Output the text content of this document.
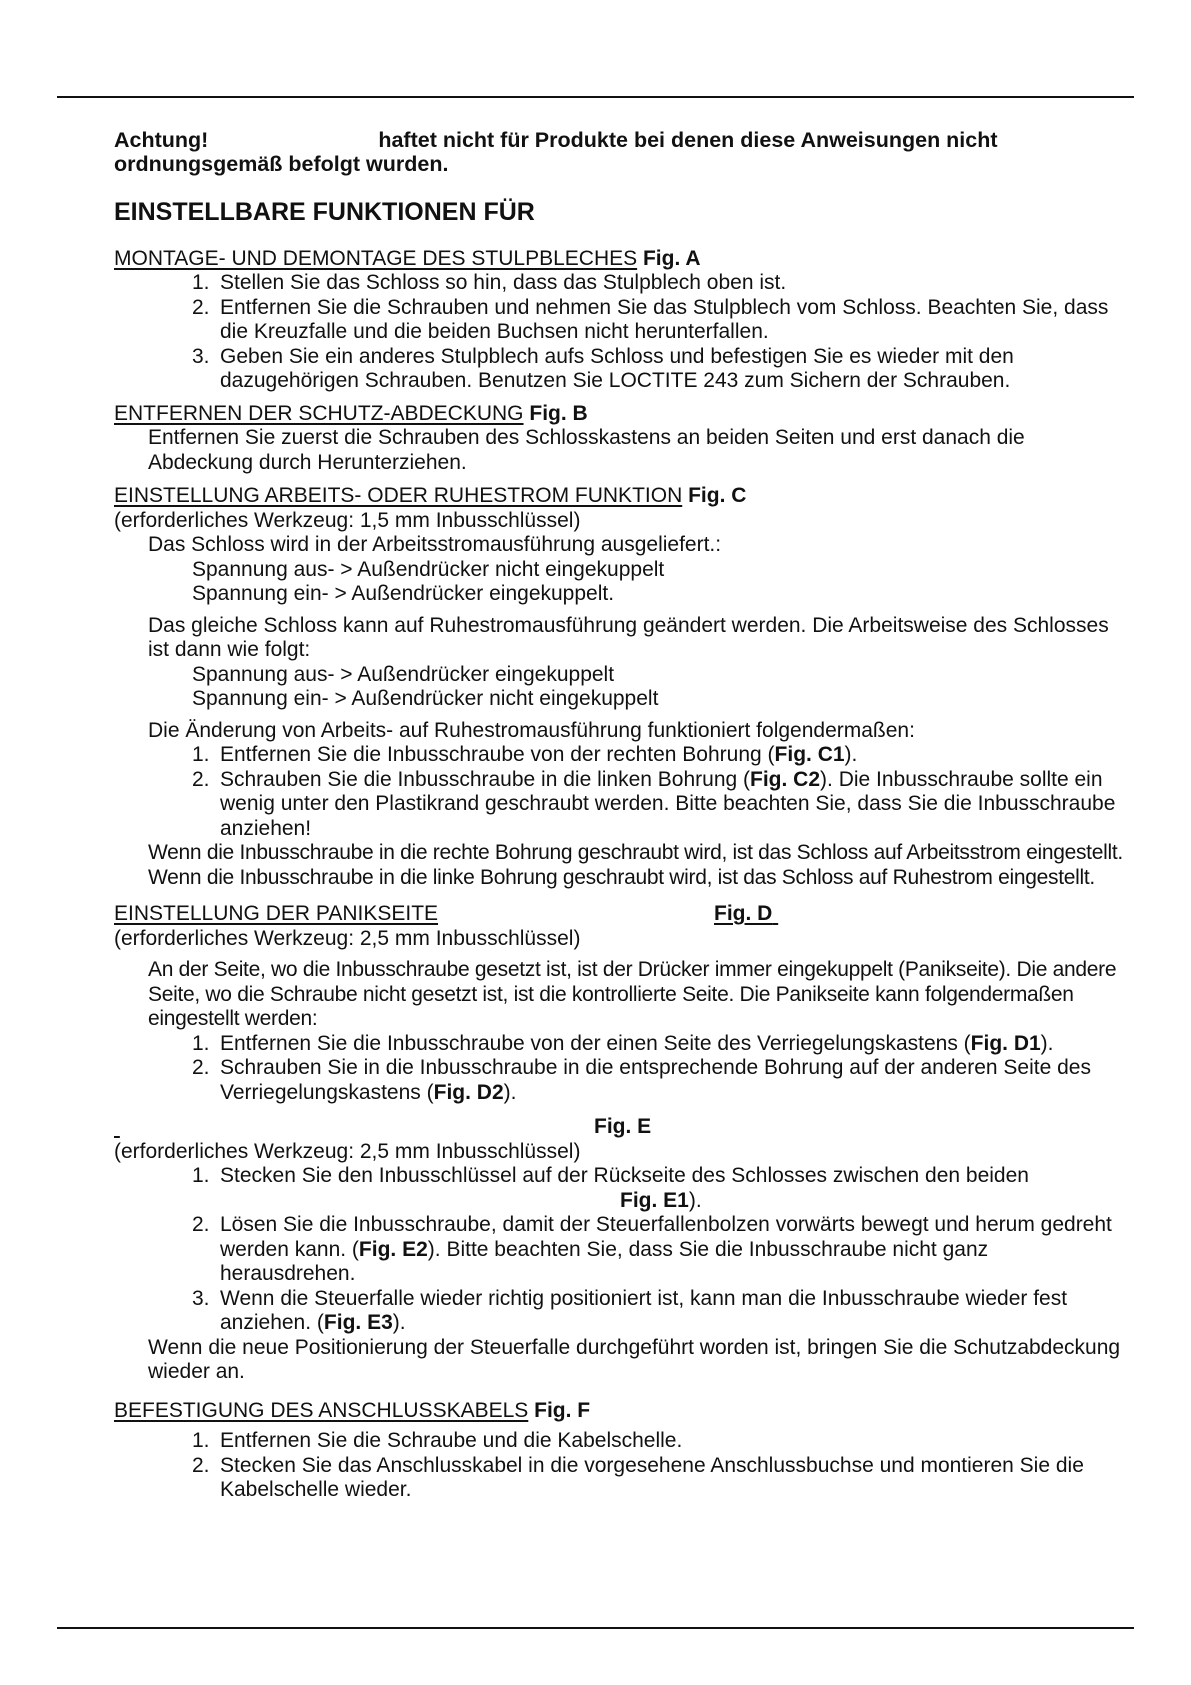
Achtung!	haftet nicht für Produkte bei denen diese Anweisungen nicht

ordnungsgemäß befolgt wurden.

EINSTELLBARE FUNKTIONEN FÜR

MONTAGE- UND DEMONTAGE DES STULPBLECHES Fig. A

1. Stellen Sie das Schloss so hin, dass das Stulpblech oben ist.
2. Entfernen Sie die Schrauben und nehmen Sie das Stulpblech vom Schloss. Beachten Sie, dass die Kreuzfalle und die beiden Buchsen nicht herunterfallen.
3. Geben Sie ein anderes Stulpblech aufs Schloss und befestigen Sie es wieder mit den dazugehörigen Schrauben. Benutzen Sie LOCTITE 243 zum Sichern der Schrauben.

ENTFERNEN DER SCHUTZ-ABDECKUNG Fig. B

Entfernen Sie zuerst die Schrauben des Schlosskastens an beiden Seiten und erst danach die Abdeckung durch Herunterziehen.

EINSTELLUNG ARBEITS- ODER RUHESTROM FUNKTION Fig. C

(erforderliches Werkzeug: 1,5 mm Inbusschlüssel)

Das Schloss wird in der Arbeitsstromausführung ausgeliefert.:

Spannung aus- > Außendrücker nicht eingekuppelt

Spannung ein- > Außendrücker eingekuppelt.

Das gleiche Schloss kann auf Ruhestromausführung geändert werden. Die Arbeitsweise des Schlosses ist dann wie folgt:

Spannung aus- > Außendrücker eingekuppelt

Spannung ein- > Außendrücker nicht eingekuppelt

Die Änderung von Arbeits- auf Ruhestromausführung funktioniert folgendermaßen:

1. Entfernen Sie die Inbusschraube von der rechten Bohrung (Fig. C1).
2. Schrauben Sie die Inbusschraube in die linken Bohrung (Fig. C2). Die Inbusschraube sollte ein wenig unter den Plastikrand geschraubt werden. Bitte beachten Sie, dass Sie die Inbusschraube anziehen!

Wenn die Inbusschraube in die rechte Bohrung geschraubt wird, ist das Schloss auf Arbeitsstrom eingestellt. Wenn die Inbusschraube in die linke Bohrung geschraubt wird, ist das Schloss auf Ruhestrom eingestellt.

EINSTELLUNG DER PANIKSEITE	Fig. D

(erforderliches Werkzeug: 2,5 mm Inbusschlüssel)

An der Seite, wo die Inbusschraube gesetzt ist, ist der Drücker immer eingekuppelt (Panikseite). Die andere Seite, wo die Schraube nicht gesetzt ist, ist die kontrollierte Seite. Die Panikseite kann folgendermaßen eingestellt werden:

1. Entfernen Sie die Inbusschraube von der einen Seite des Verriegelungskastens (Fig. D1).
2. Schrauben Sie in die Inbusschraube in die entsprechende Bohrung auf der anderen Seite des Verriegelungskastens (Fig. D2).

Fig. E

(erforderliches Werkzeug: 2,5 mm Inbusschlüssel)

1. Stecken Sie den Inbusschlüssel auf der Rückseite des Schlosses zwischen den beiden
Fig. E1).
2. Lösen Sie die Inbusschraube, damit der Steuerfallenbolzen vorwärts bewegt und herum gedreht werden kann. (Fig. E2). Bitte beachten Sie, dass Sie die Inbusschraube nicht ganz herausdrehen.
3. Wenn die Steuerfalle wieder richtig positioniert ist, kann man die Inbusschraube wieder fest anziehen. (Fig. E3).

Wenn die neue Positionierung der Steuerfalle durchgeführt worden ist, bringen Sie die Schutzabdeckung wieder an.

BEFESTIGUNG DES ANSCHLUSSKABELS Fig. F

1. Entfernen Sie die Schraube und die Kabelschelle.
2. Stecken Sie das Anschlusskabel in die vorgesehene Anschlussbuchse und montieren Sie die Kabelschelle wieder.
